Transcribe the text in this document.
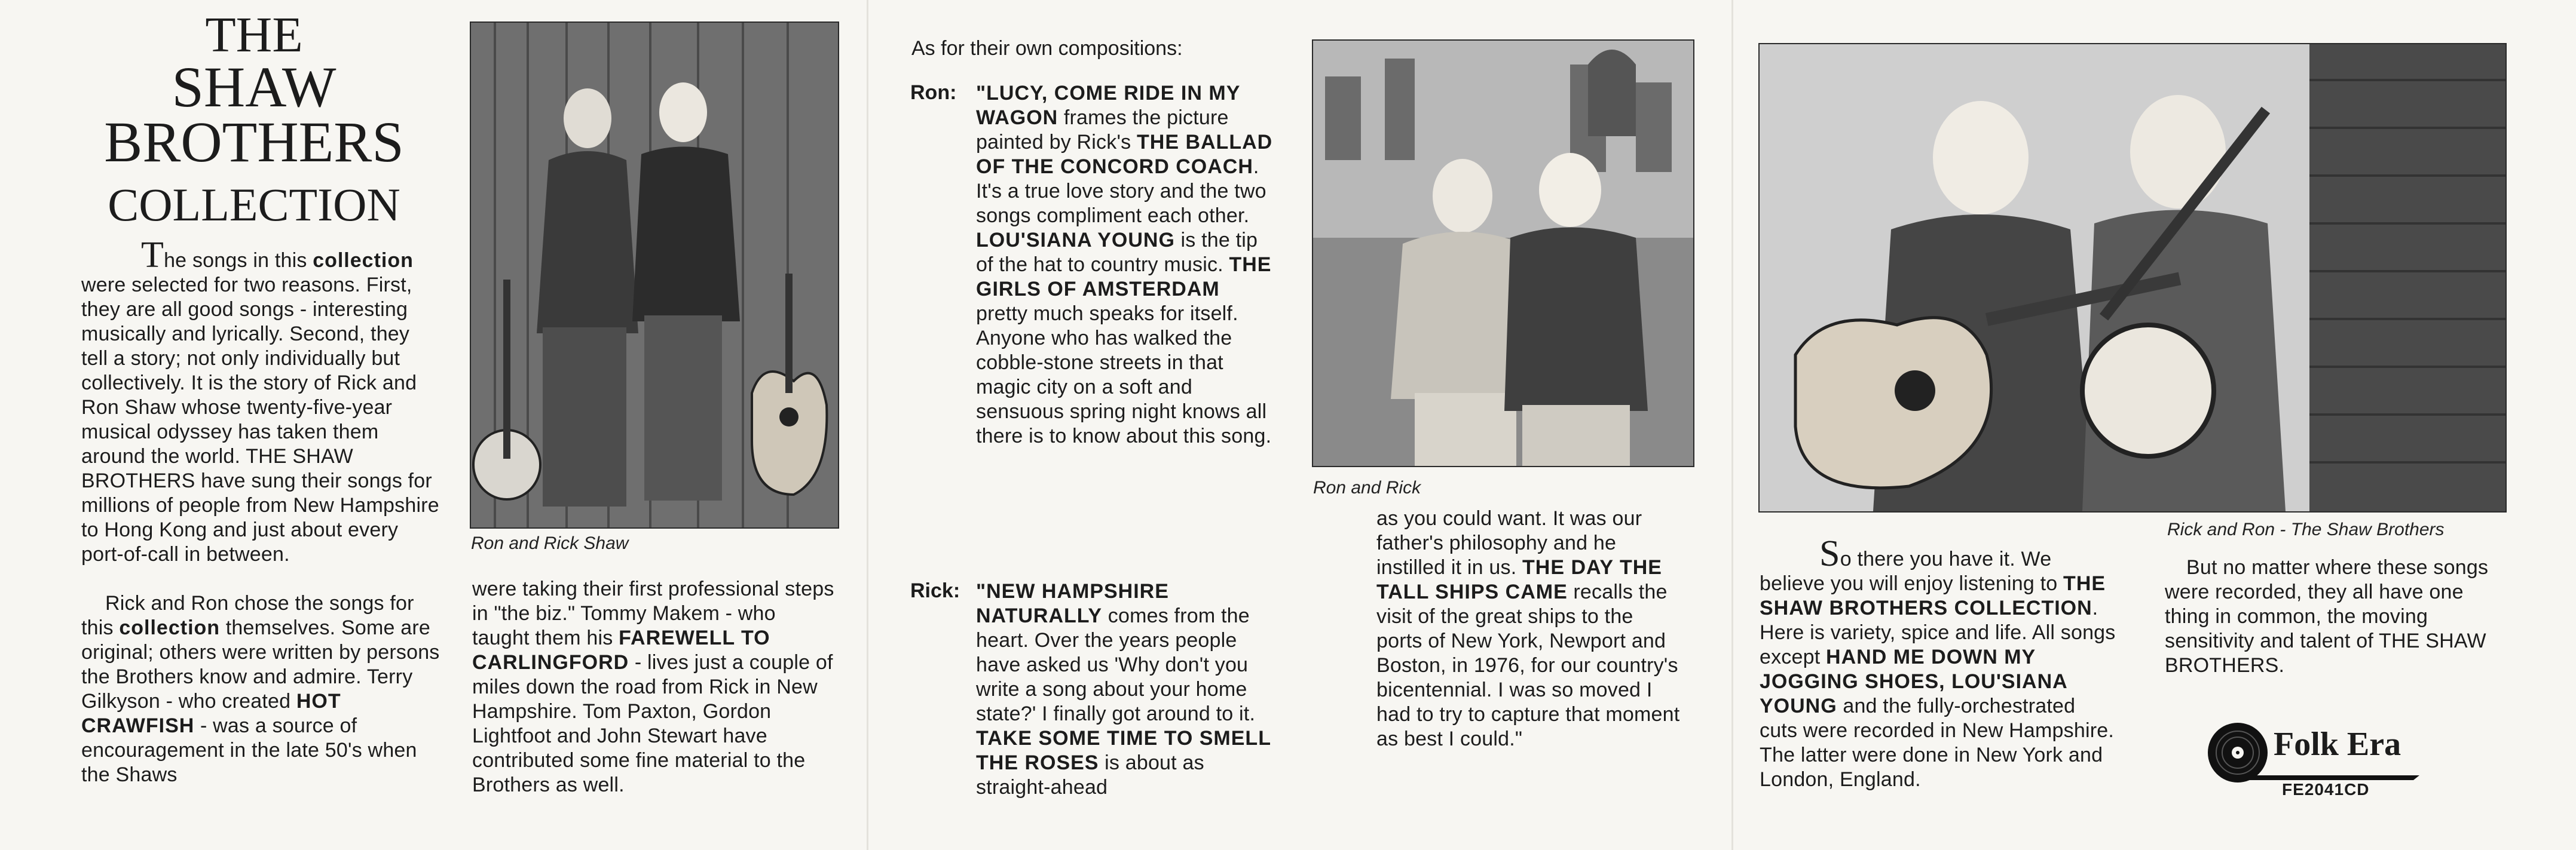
THE
SHAW
BROTHERS
COLLECTION

The songs in this collection were selected for two reasons. First, they are all good songs - interesting musically and lyrically. Second, they tell a story; not only individually but collectively. It is the story of Rick and Ron Shaw whose twenty-five-year musical odyssey has taken them around the world. THE SHAW BROTHERS have sung their songs for millions of people from New Hampshire to Hong Kong and just about every port-of-call in between.

Rick and Ron chose the songs for this collection themselves. Some are original; others were written by persons the Brothers know and admire. Terry Gilkyson - who created HOT CRAWFISH - was a source of encouragement in the late 50's when the Shaws

Ron and Rick Shaw

were taking their first professional steps in "the biz." Tommy Makem - who taught them his FAREWELL TO CARLINGFORD - lives just a couple of miles down the road from Rick in New Hampshire. Tom Paxton, Gordon Lightfoot and John Stewart have contributed some fine material to the Brothers as well.

As for their own compositions:
Ron: "LUCY, COME RIDE IN MY WAGON frames the picture painted by Rick's THE BALLAD OF THE CONCORD COACH. It's a true love story and the two songs compliment each other. LOU'SIANA YOUNG is the tip of the hat to country music. THE GIRLS OF AMSTERDAM pretty much speaks for itself. Anyone who has walked the cobble-stone streets in that magic city on a soft and sensuous spring night knows all there is to know about this song.

Rick: "NEW HAMPSHIRE NATURALLY comes from the heart. Over the years people have asked us 'Why don't you write a song about your home state?' I finally got around to it. TAKE SOME TIME TO SMELL THE ROSES is about as straight-ahead

Ron and Rick

as you could want. It was our father's philosophy and he instilled it in us. THE DAY THE TALL SHIPS CAME recalls the visit of the great ships to the ports of New York, Newport and Boston, in 1976, for our country's bicentennial. I was so moved I had to try to capture that moment as best I could."

Rick and Ron - The Shaw Brothers

So there you have it. We believe you will enjoy listening to THE SHAW BROTHERS COLLECTION. Here is variety, spice and life. All songs except HAND ME DOWN MY JOGGING SHOES, LOU'SIANA YOUNG and the fully-orchestrated cuts were recorded in New Hampshire. The latter were done in New York and London, England.

But no matter where these songs were recorded, they all have one thing in common, the moving sensitivity and talent of THE SHAW BROTHERS.
Folk Era
FE2041CD
